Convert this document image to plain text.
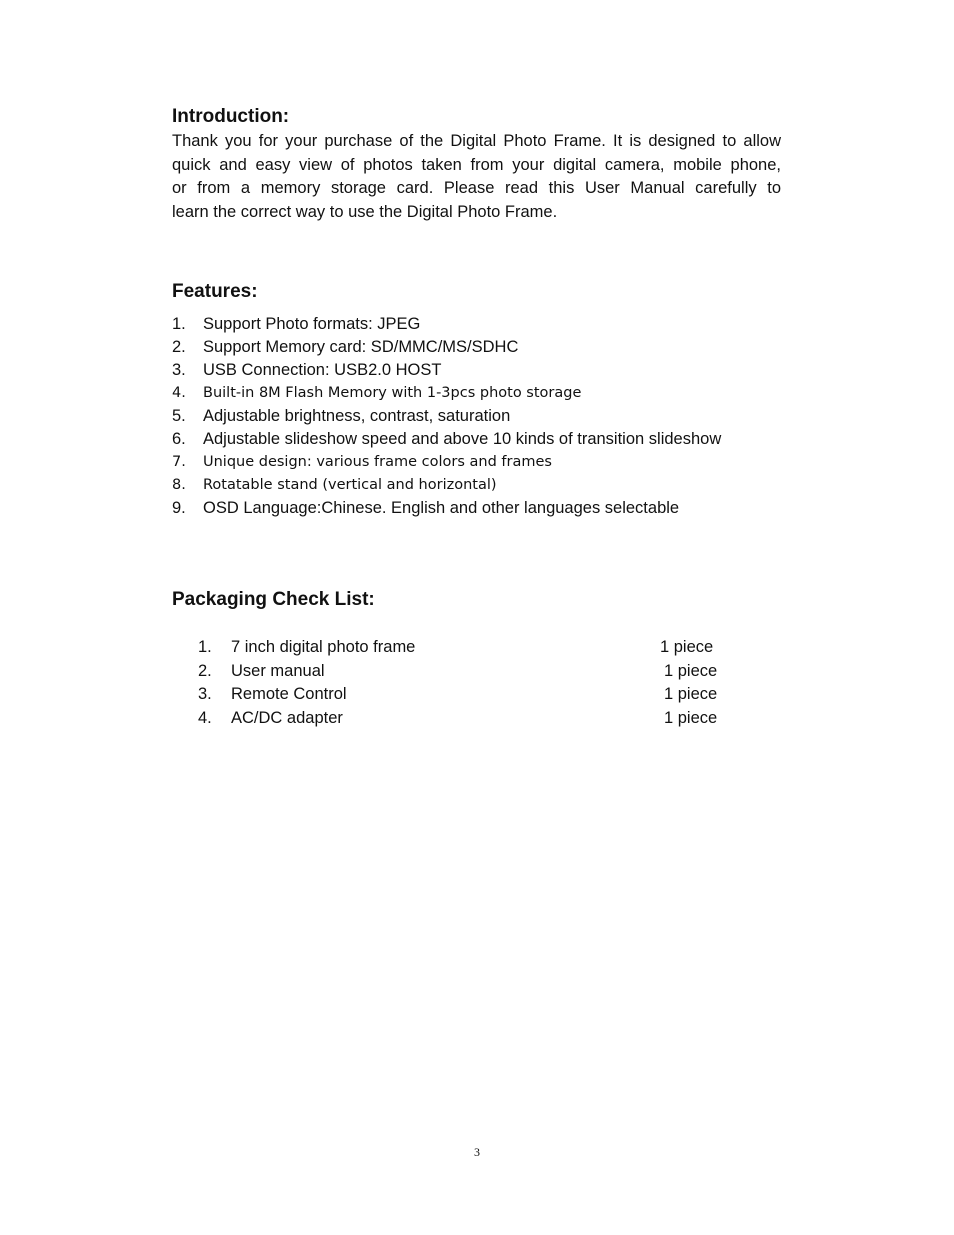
Introduction:
Thank you for your purchase of the Digital Photo Frame. It is designed to allow
quick and easy view of photos taken from your digital camera, mobile phone,
or from a memory storage card. Please read this User Manual carefully to
learn the correct way to use the Digital Photo Frame.
Features:
1. Support Photo formats: JPEG
2. Support Memory card: SD/MMC/MS/SDHC
3. USB Connection: USB2.0 HOST
4. Built-in 8M Flash Memory with 1-3pcs photo storage
5. Adjustable brightness, contrast, saturation
6. Adjustable slideshow speed and above 10 kinds of transition slideshow
7. Unique design: various frame colors and frames
8. Rotatable stand (vertical and horizontal)
9. OSD Language:Chinese. English and other languages selectable
Packaging Check List:
1. 7 inch digital photo frame	1 piece
2. User manual	1 piece
3. Remote Control	1 piece
4. AC/DC adapter	1 piece

3
